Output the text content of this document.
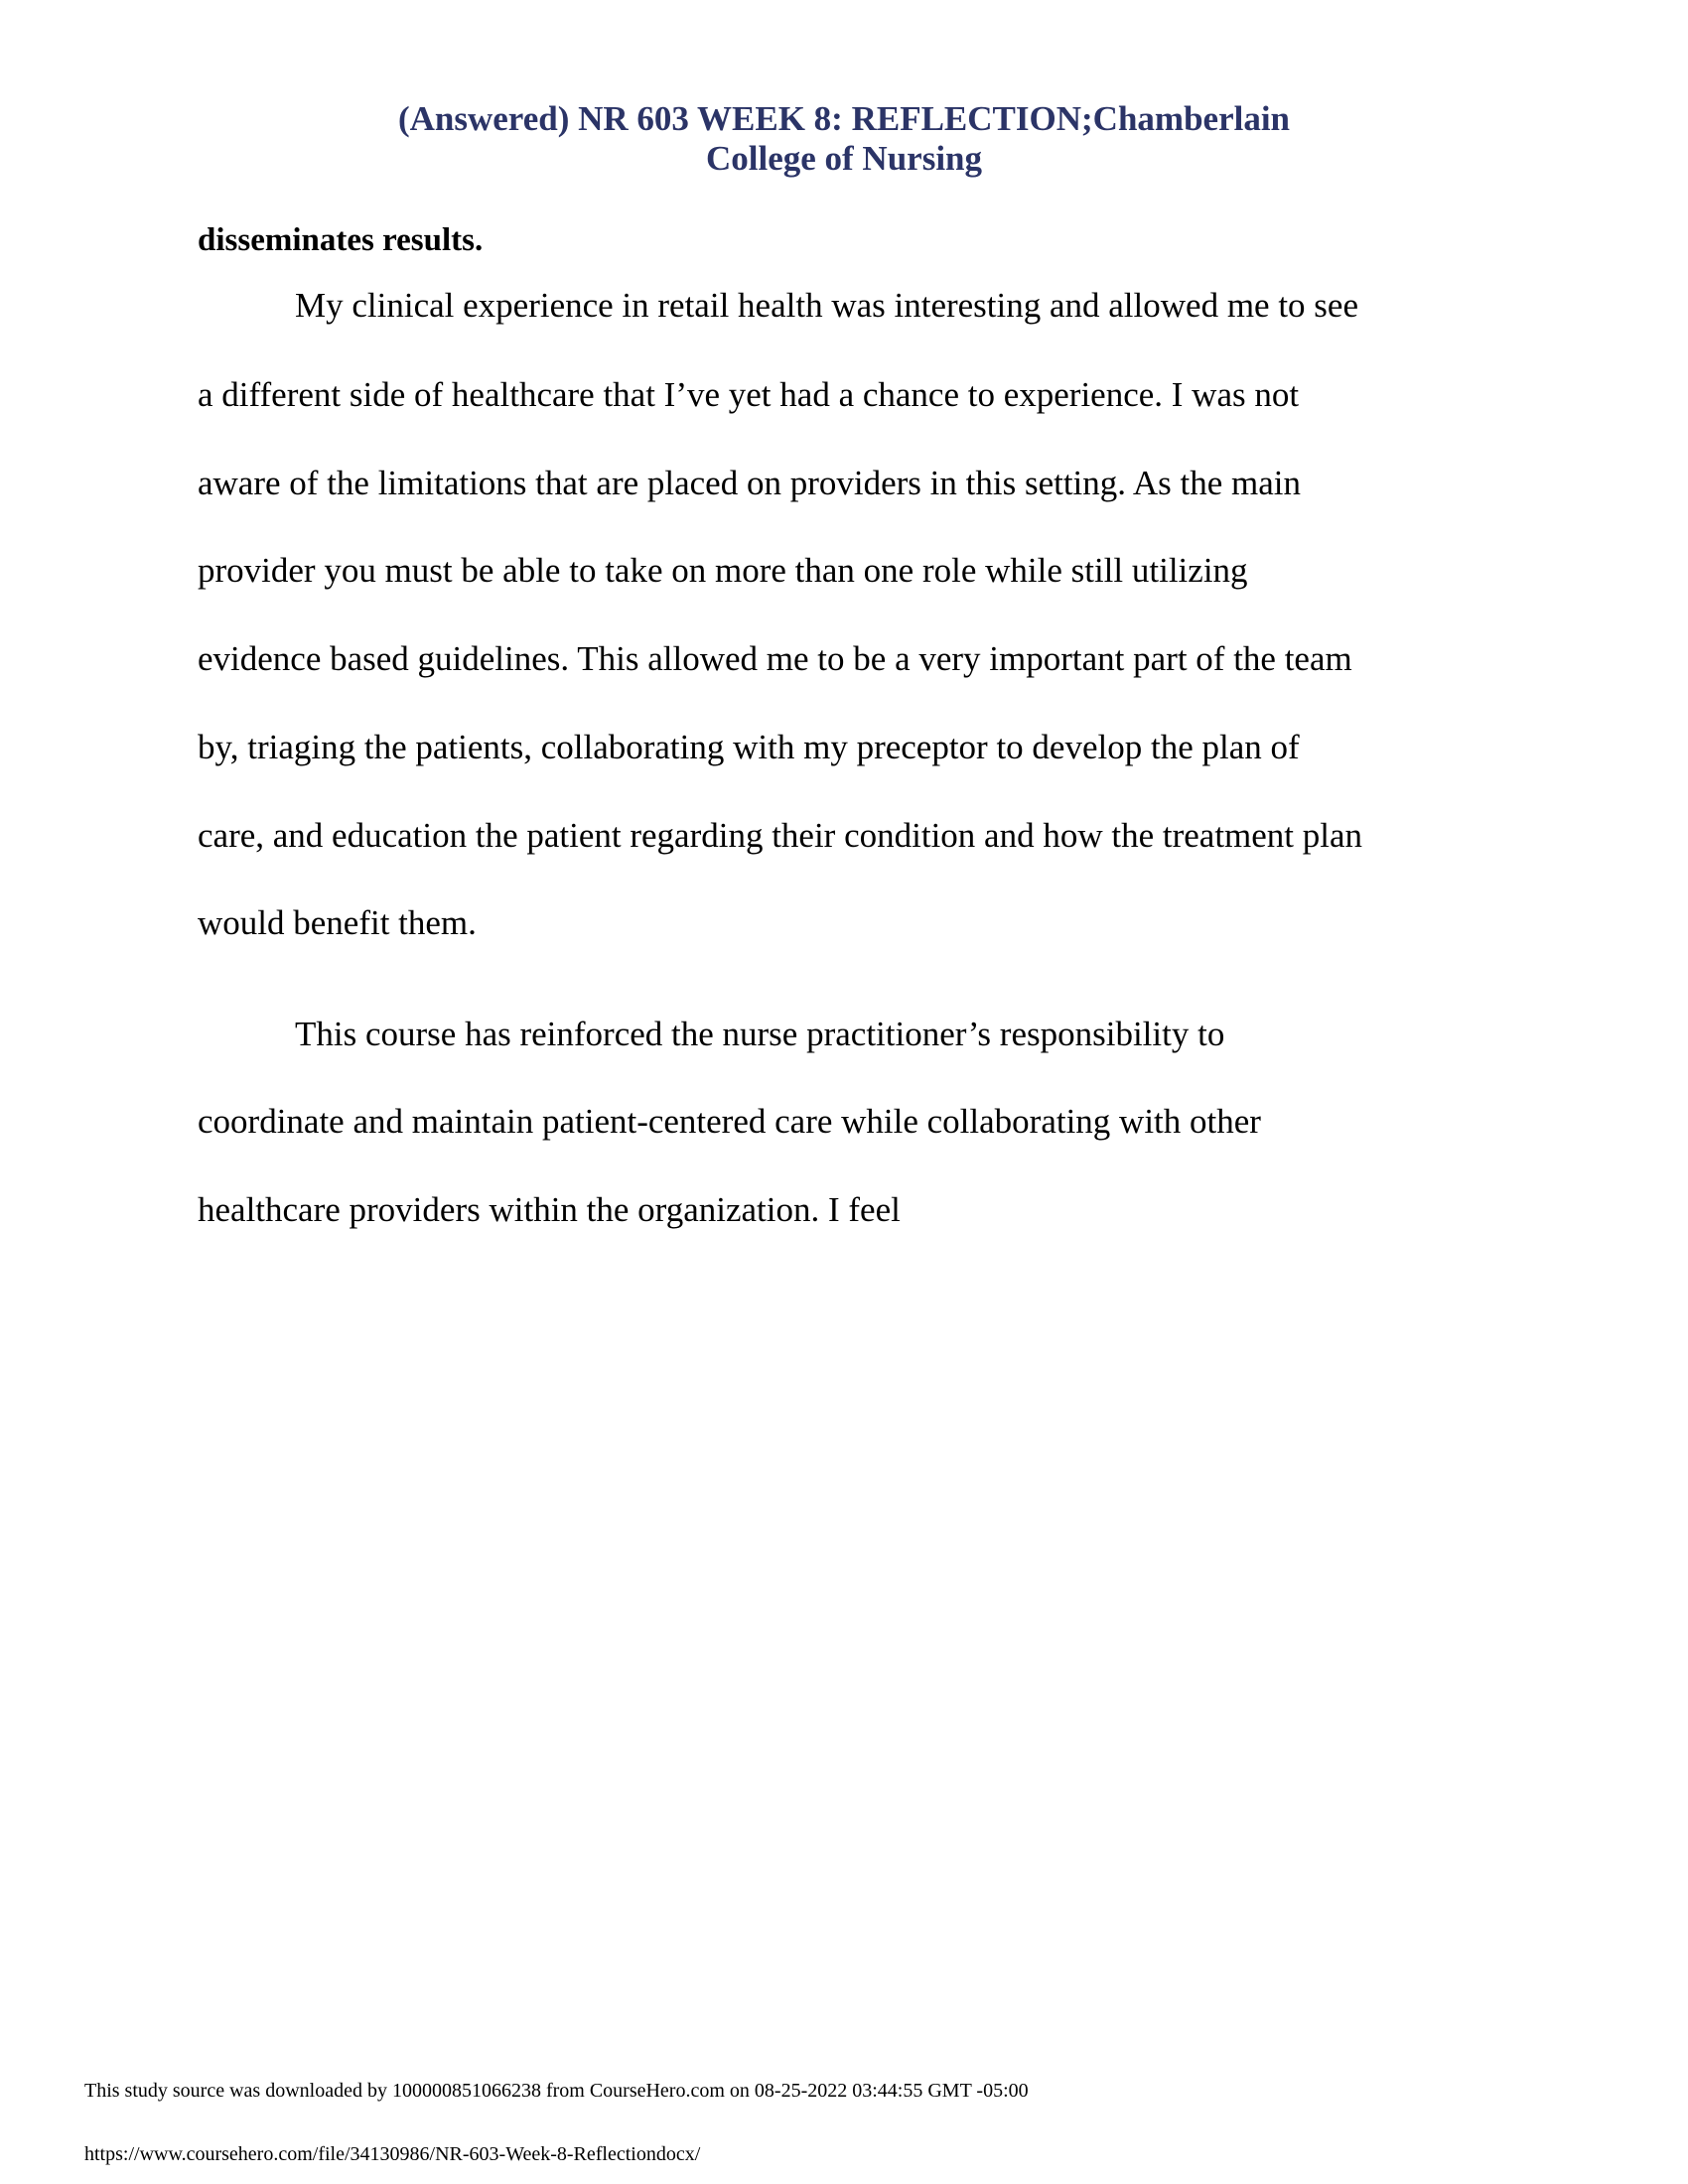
(Answered) NR 603 WEEK 8: REFLECTION;Chamberlain
College of Nursing
disseminates results.
My clinical experience in retail health was interesting and allowed me to see
a different side of healthcare that I’ve yet had a chance to experience. I was not
aware of the limitations that are placed on providers in this setting. As the main
provider you must be able to take on more than one role while still utilizing
evidence based guidelines. This allowed me to be a very important part of the team
by, triaging the patients, collaborating with my preceptor to develop the plan of
care, and education the patient regarding their condition and how the treatment plan
would benefit them.
This course has reinforced the nurse practitioner’s responsibility to
coordinate and maintain patient-centered care while collaborating with other
healthcare providers within the organization. I feel
This study source was downloaded by 100000851066238 from CourseHero.com on 08-25-2022 03:44:55 GMT -05:00
https://www.coursehero.com/file/34130986/NR-603-Week-8-Reflectiondocx/
